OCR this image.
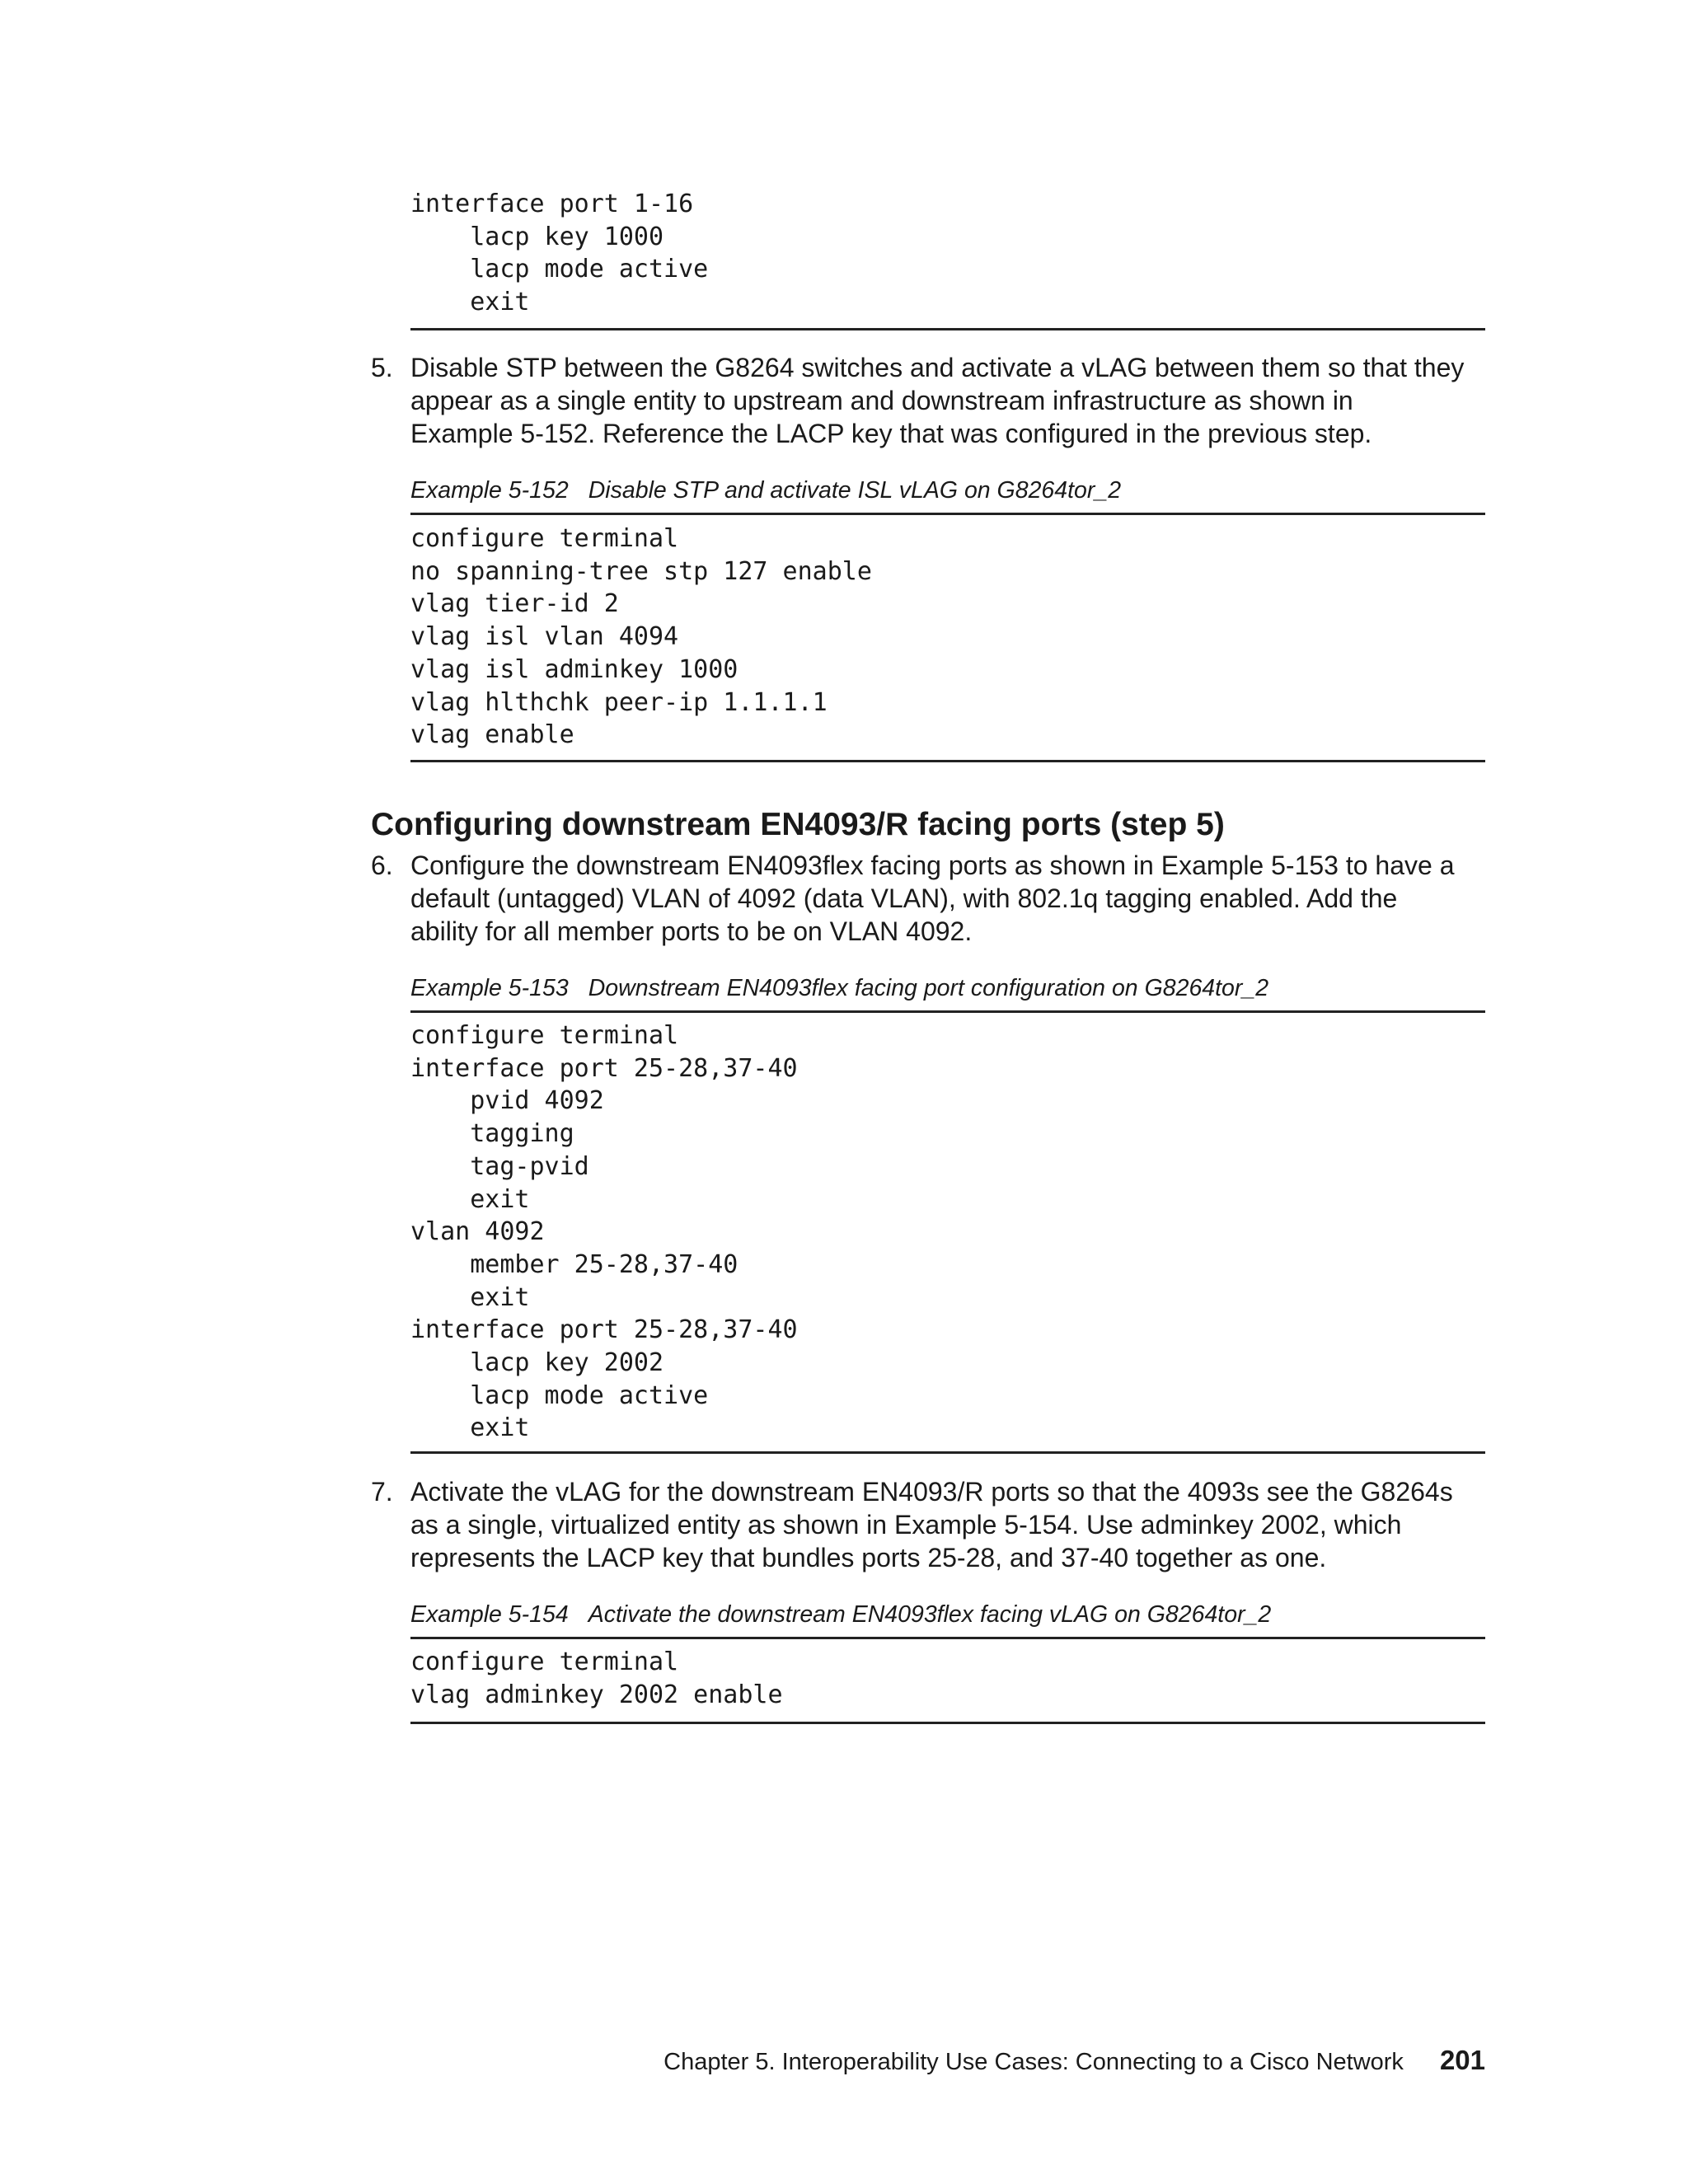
interface port 1-16
lacp key 1000
lacp mode active
exit
5. Disable STP between the G8264 switches and activate a vLAG between them so that they
appear as a single entity to upstream and downstream infrastructure as shown in
Example 5-152. Reference the LACP key that was configured in the previous step.
Example 5-152 Disable STP and activate ISL vLAG on G8264tor_2
configure terminal
no spanning-tree stp 127 enable
vlag tier-id 2
vlag isl vlan 4094
vlag isl adminkey 1000
vlag hlthchk peer-ip 1.1.1.1
vlag enable
Configuring downstream EN4093/R facing ports (step 5)
6. Configure the downstream EN4093flex facing ports as shown in Example 5-153 to have a
default (untagged) VLAN of 4092 (data VLAN), with 802.1q tagging enabled. Add the
ability for all member ports to be on VLAN 4092.
Example 5-153 Downstream EN4093flex facing port configuration on G8264tor_2
configure terminal
interface port 25-28,37-40
pvid 4092
tagging
tag-pvid
exit
vlan 4092
member 25-28,37-40
exit
interface port 25-28,37-40
lacp key 2002
lacp mode active
exit
7. Activate the vLAG for the downstream EN4093/R ports so that the 4093s see the G8264s
as a single, virtualized entity as shown in Example 5-154. Use adminkey 2002, which
represents the LACP key that bundles ports 25-28, and 37-40 together as one.
Example 5-154 Activate the downstream EN4093flex facing vLAG on G8264tor_2
configure terminal
vlag adminkey 2002 enable
Chapter 5. Interoperability Use Cases: Connecting to a Cisco Network 201
